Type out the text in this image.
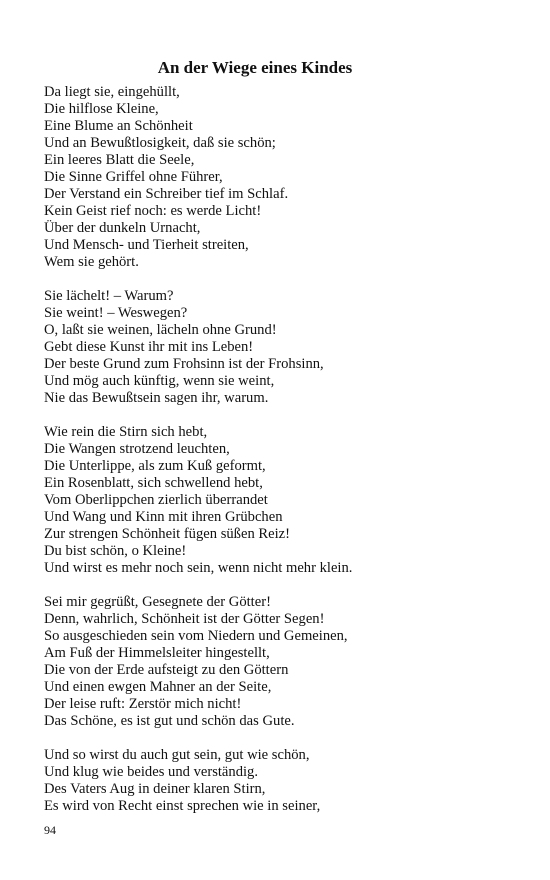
An der Wiege eines Kindes
Da liegt sie, eingehüllt,
Die hilflose Kleine,
Eine Blume an Schönheit
Und an Bewußtlosigkeit, daß sie schön;
Ein leeres Blatt die Seele,
Die Sinne Griffel ohne Führer,
Der Verstand ein Schreiber tief im Schlaf.
Kein Geist rief noch: es werde Licht!
Über der dunkeln Urnacht,
Und Mensch- und Tierheit streiten,
Wem sie gehört.
Sie lächelt! – Warum?
Sie weint! – Weswegen?
O, laßt sie weinen, lächeln ohne Grund!
Gebt diese Kunst ihr mit ins Leben!
Der beste Grund zum Frohsinn ist der Frohsinn,
Und mög auch künftig, wenn sie weint,
Nie das Bewußtsein sagen ihr, warum.
Wie rein die Stirn sich hebt,
Die Wangen strotzend leuchten,
Die Unterlippe, als zum Kuß geformt,
Ein Rosenblatt, sich schwellend hebt,
Vom Oberlippchen zierlich überrandet
Und Wang und Kinn mit ihren Grübchen
Zur strengen Schönheit fügen süßen Reiz!
Du bist schön, o Kleine!
Und wirst es mehr noch sein, wenn nicht mehr klein.
Sei mir gegrüßt, Gesegnete der Götter!
Denn, wahrlich, Schönheit ist der Götter Segen!
So ausgeschieden sein vom Niedern und Gemeinen,
Am Fuß der Himmelsleiter hingestellt,
Die von der Erde aufsteigt zu den Göttern
Und einen ewgen Mahner an der Seite,
Der leise ruft: Zerstör mich nicht!
Das Schöne, es ist gut und schön das Gute.
Und so wirst du auch gut sein, gut wie schön,
Und klug wie beides und verständig.
Des Vaters Aug in deiner klaren Stirn,
Es wird von Recht einst sprechen wie in seiner,
94
